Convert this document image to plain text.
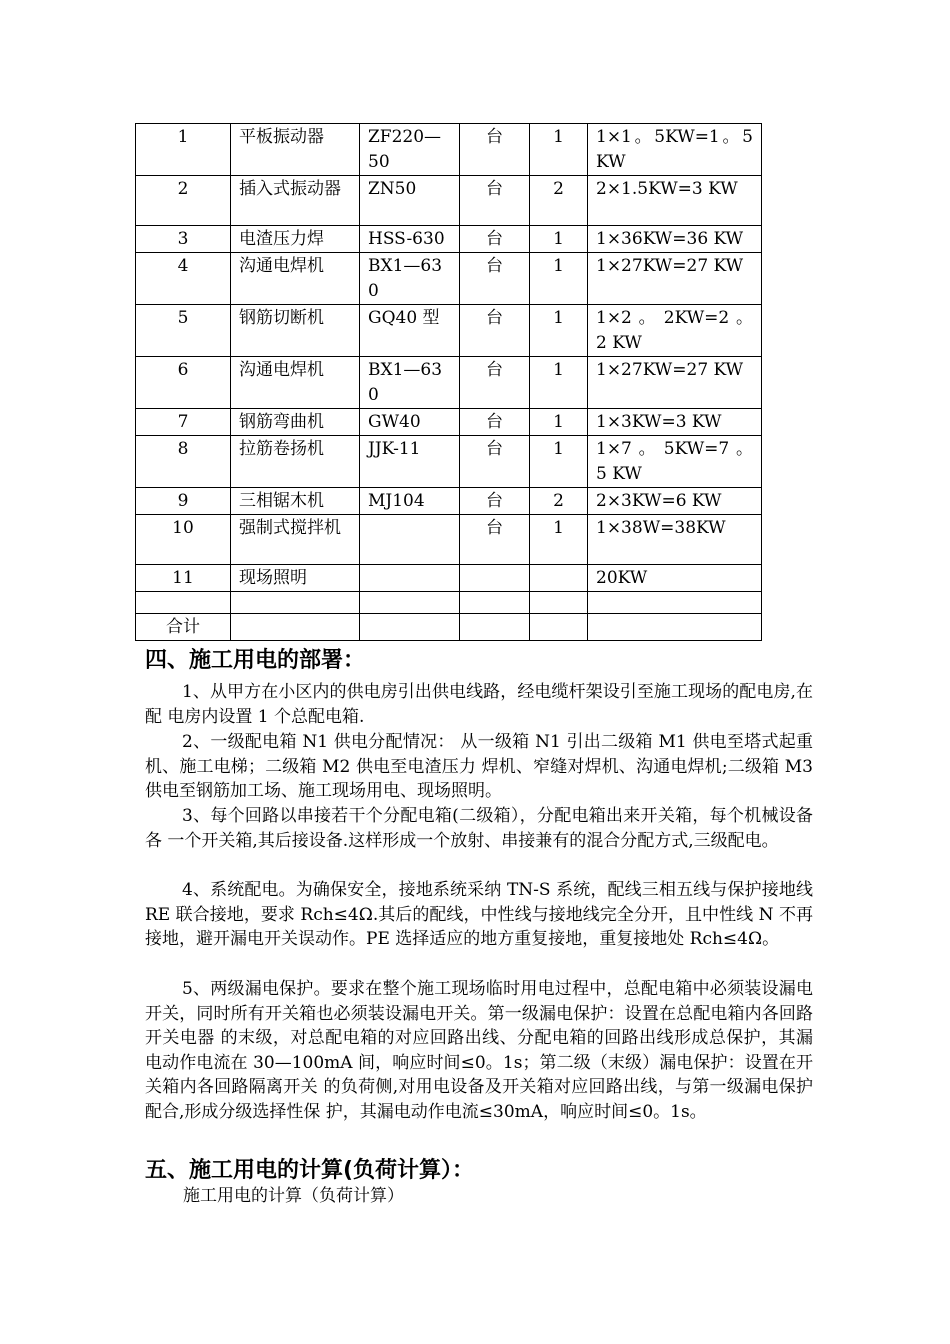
1	平板振动器	ZF220—50	台	1	1×1。5KW=1。5KW
2	插入式振动器	ZN50	台	2	2×1.5KW=3 KW
3	电渣压力焊	HSS-630	台	1	1×36KW=36 KW
4	沟通电焊机	BX1—630	台	1	1×27KW=27 KW
5	钢筋切断机	GQ40 型	台	1	1×2 。 2KW=2 。 2 KW
6	沟通电焊机	BX1—630	台	1	1×27KW=27 KW
7	钢筋弯曲机	GW40	台	1	1×3KW=3 KW
8	拉筋卷扬机	JJK-11	台	1	1×7 。 5KW=7 。 5 KW
9	三相锯木机	MJ104	台	2	2×3KW=6 KW
10	强制式搅拌机		台	1	1×38W=38KW
11	现场照明				20KW

合计					
四、施工用电的部署：
1、从甲方在小区内的供电房引出供电线路，经电缆杆架设引至施工现场的配电房,在配 电房内设置 1 个总配电箱.
2、一级配电箱 N1 供电分配情况： 从一级箱 N1 引出二级箱 M1 供电至塔式起重机、施工电梯；二级箱 M2 供电至电渣压力 焊机、窄缝对焊机、沟通电焊机;二级箱 M3 供电至钢筋加工场、施工现场用电、现场照明。
3、每个回路以串接若干个分配电箱(二级箱），分配电箱出来开关箱，每个机械设备各 一个开关箱,其后接设备.这样形成一个放射、串接兼有的混合分配方式,三级配电。
4、系统配电。为确保安全，接地系统采纳 TN-S 系统，配线三相五线与保护接地线 RE 联合接地，要求 Rch≤4Ω.其后的配线，中性线与接地线完全分开，且中性线 N 不再接地，避开漏电开关误动作。PE 选择适应的地方重复接地，重复接地处 Rch≤4Ω。
5、两级漏电保护。要求在整个施工现场临时用电过程中，总配电箱中必须装设漏电开关，同时所有开关箱也必须装设漏电开关。第一级漏电保护：设置在总配电箱内各回路开关电器 的末级，对总配电箱的对应回路出线、分配电箱的回路出线形成总保护，其漏电动作电流在 30—100mA 间，响应时间≤0。1s；第二级（末级）漏电保护：设置在开关箱内各回路隔离开关 的负荷侧,对用电设备及开关箱对应回路出线，与第一级漏电保护配合,形成分级选择性保 护，其漏电动作电流≤30mA，响应时间≤0。1s。
五、施工用电的计算(负荷计算）：
施工用电的计算（负荷计算）
